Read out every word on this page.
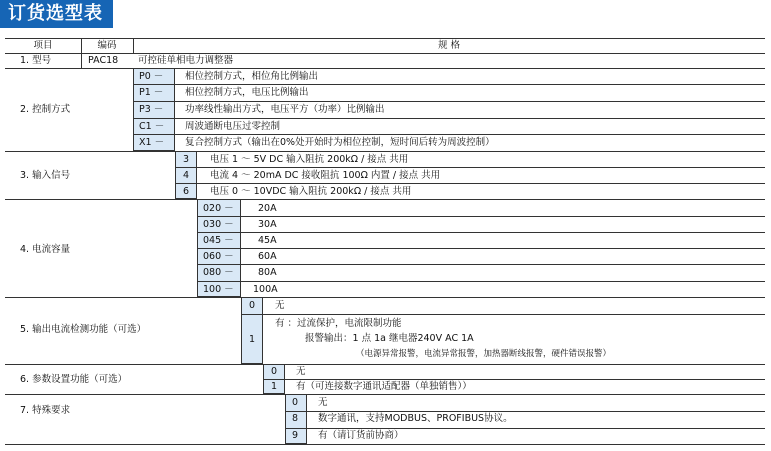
订货选型表
项目	编码	规 格
1. 型号	PAC18 可控硅单相电力调整器
2. 控制方式
P0 － 相位控制方式，相位角比例输出
P1 － 相位控制方式，电压比例输出
P3 － 功率线性输出方式，电压平方（功率）比例输出
C1 － 周波通断电压过零控制
X1 － 复合控制方式（输出在0%处开始时为相位控制，短时间后转为周波控制）
3. 输入信号
3 电压 1 ～ 5V DC 输入阻抗 200kΩ / 接点 共用
4 电流 4 ～ 20mA DC 接收阻抗 100Ω 内置 / 接点 共用
6 电压 0 ～ 10VDC 输入阻抗 200kΩ / 接点 共用
4. 电流容量
020 －	20A
030 －	30A
045 －	45A
060 －	60A
080 －	80A
100 － 100A
5. 输出电流检测功能（可选）
0 无
1
有 ：过流保护，电流限制功能
报警输出：1 点 1a 继电器240V AC 1A
（电源异常报警，电流异常报警，加热器断线报警，硬件错误报警）
6. 参数设置功能（可选）
0 无
1 有（可连接数字通讯适配器（单独销售））
7. 特殊要求
0 无
8 数字通讯，支持MODBUS、PROFIBUS协议。
9 有（请订货前协商）
